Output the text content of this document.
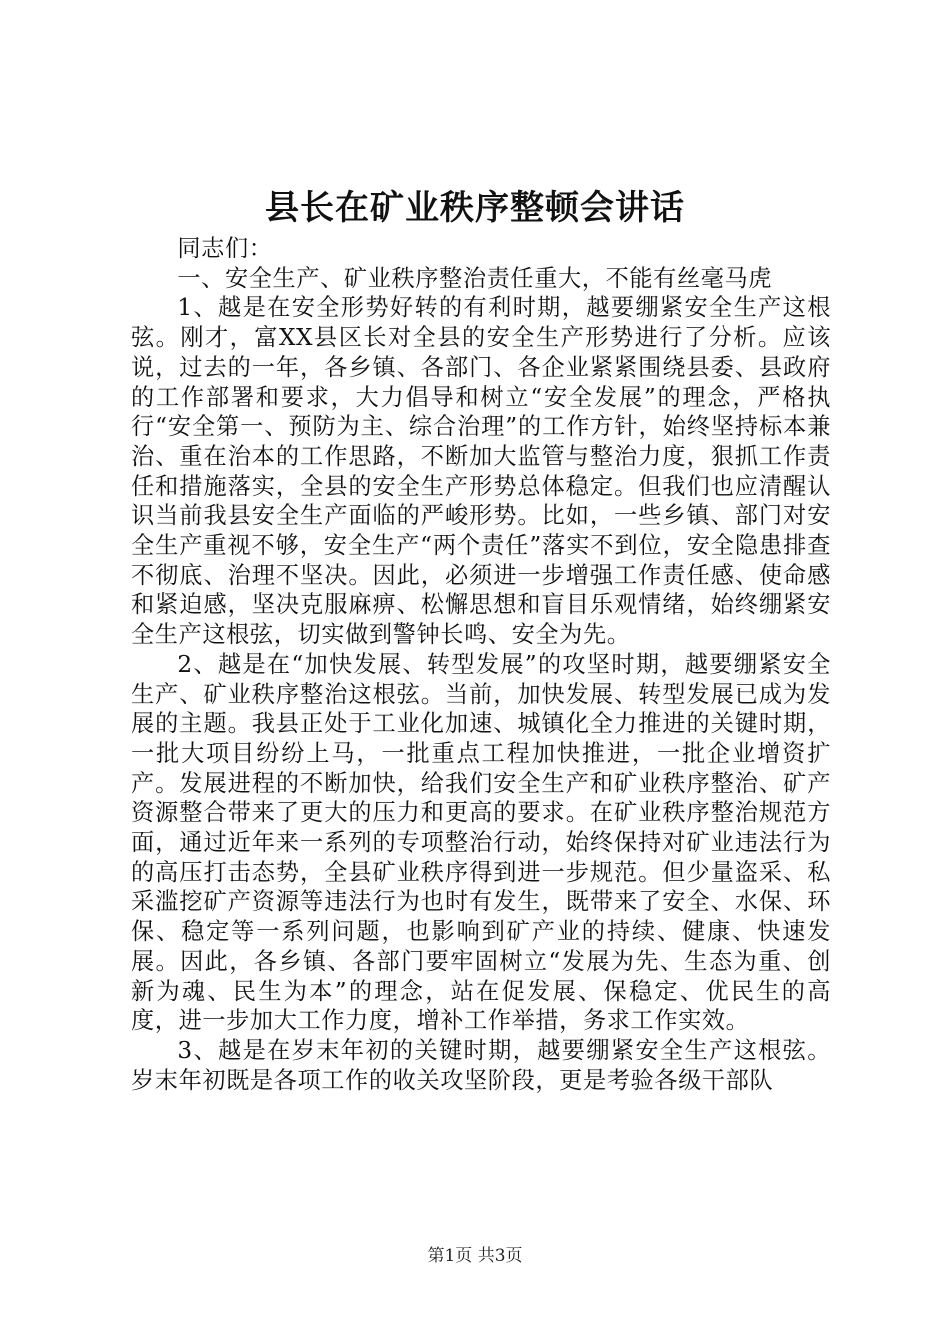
县长在矿业秩序整顿会讲话

同志们：

一、安全生产、矿业秩序整治责任重大，不能有丝毫马虎

1、越是在安全形势好转的有利时期，越要绷紧安全生产这根弦。刚才，富XX县区长对全县的安全生产形势进行了分析。应该说，过去的一年，各乡镇、各部门、各企业紧紧围绕县委、县政府的工作部署和要求，大力倡导和树立“安全发展”的理念，严格执行“安全第一、预防为主、综合治理”的工作方针，始终坚持标本兼治、重在治本的工作思路，不断加大监管与整治力度，狠抓工作责任和措施落实，全县的安全生产形势总体稳定。但我们也应清醒认识当前我县安全生产面临的严峻形势。比如，一些乡镇、部门对安全生产重视不够，安全生产“两个责任”落实不到位，安全隐患排查不彻底、治理不坚决。因此，必须进一步增强工作责任感、使命感和紧迫感，坚决克服麻痹、松懈思想和盲目乐观情绪，始终绷紧安全生产这根弦，切实做到警钟长鸣、安全为先。

2、越是在“加快发展、转型发展”的攻坚时期，越要绷紧安全生产、矿业秩序整治这根弦。当前，加快发展、转型发展已成为发展的主题。我县正处于工业化加速、城镇化全力推进的关键时期，一批大项目纷纷上马，一批重点工程加快推进，一批企业增资扩产。发展进程的不断加快，给我们安全生产和矿业秩序整治、矿产资源整合带来了更大的压力和更高的要求。在矿业秩序整治规范方面，通过近年来一系列的专项整治行动，始终保持对矿业违法行为的高压打击态势，全县矿业秩序得到进一步规范。但少量盗采、私采滥挖矿产资源等违法行为也时有发生，既带来了安全、水保、环保、稳定等一系列问题，也影响到矿产业的持续、健康、快速发展。因此，各乡镇、各部门要牢固树立“发展为先、生态为重、创新为魂、民生为本”的理念，站在促发展、保稳定、优民生的高度，进一步加大工作力度，增补工作举措，务求工作实效。

3、越是在岁末年初的关键时期，越要绷紧安全生产这根弦。岁末年初既是各项工作的收关攻坚阶段，更是考验各级干部队

第1页 共3页
